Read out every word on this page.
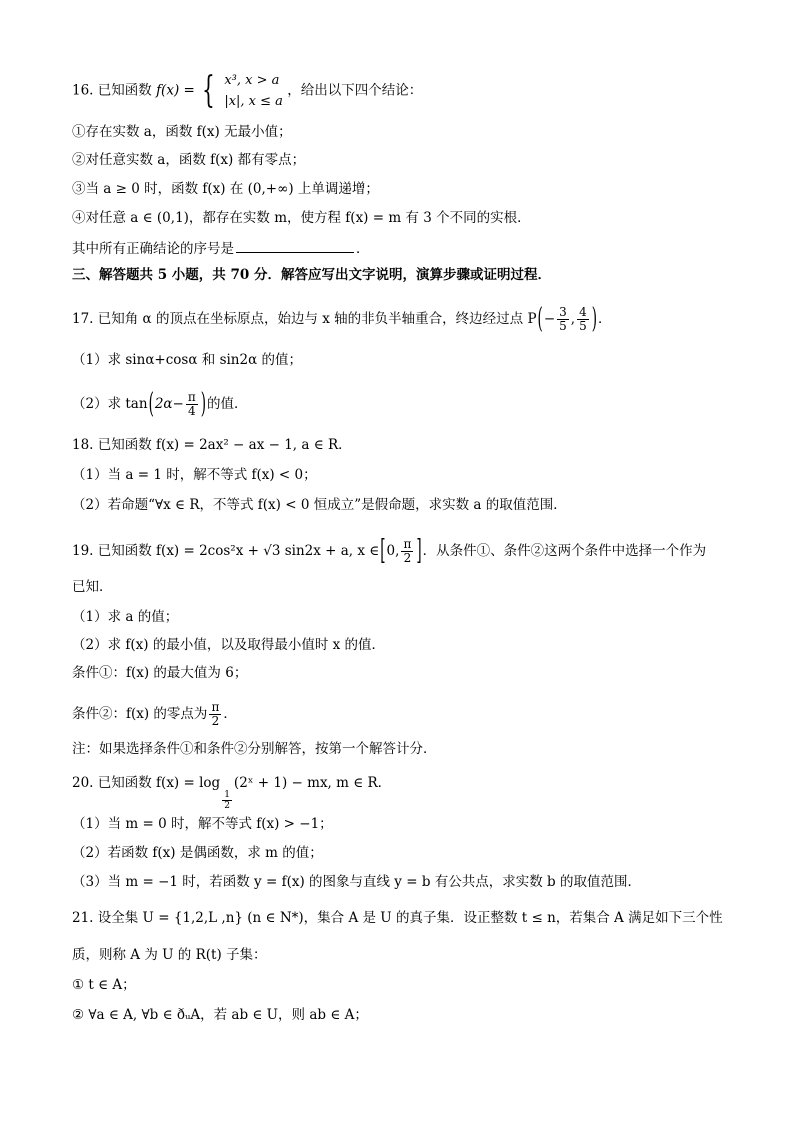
16. 已知函数 f(x) = { x³, x > a
|x|, x ≤ a
，给出以下四个结论：
①存在实数 a，函数 f(x) 无最小值；
②对任意实数 a，函数 f(x) 都有零点；
③当 a ≥ 0 时，函数 f(x) 在 (0,+∞) 上单调递增；
④对任意 a ∈ (0,1)，都存在实数 m，使方程 f(x) = m 有 3 个不同的实根．
其中所有正确结论的序号是	．
三、解答题共 5 小题，共 70 分．解答应写出文字说明，演算步骤或证明过程．
17. 已知角 α 的顶点在坐标原点，始边与 x 轴的非负半轴重合，终边经过点 $P(- \frac{3}{5}$ , $\frac{4}{5}$ )．
（1）求 sinα+cosα 和 sin2α 的值；
（2）求 $\tan(2\alpha- \frac{\pi}{4}$ )的值．
18. 已知函数 f(x) = 2ax² − ax − 1, a ∈ R．
（1）当 a = 1 时，解不等式 f(x) < 0；
（2）若命题“∀x ∈ R，不等式 f(x) < 0 恒成立”是假命题，求实数 a 的取值范围．
19. 已知函数 f(x) = 2cos²x + √3 sin2x + a, x ∈[0, $\frac{\pi}{2}$ ]．从条件①、条件②这两个条件中选择一个作为
已知．
（1）求 a 的值；
（2）求 f(x) 的最小值，以及取得最小值时 x 的值．
条件①：f(x) 的最大值为 6；
条件②：f(x) 的零点为 $\frac{\pi}{2}$ ．
注：如果选择条件①和条件②分别解答，按第一个解答计分．
20. 已知函数 f(x) = log
$\frac{1}{2}$
(2ˣ + 1) − mx, m ∈ R．
（1）当 m = 0 时，解不等式 f(x) > −1；
（2）若函数 f(x) 是偶函数，求 m 的值；
（3）当 m = −1 时，若函数 y = f(x) 的图象与直线 y = b 有公共点，求实数 b 的取值范围．
21. 设全集 U = {1,2,L ,n} (n ∈ N*)，集合 A 是 U 的真子集．设正整数 t ≤ n，若集合 A 满足如下三个性
质，则称 A 为 U 的 R(t) 子集：
① t ∈ A；
② ∀a ∈ A, ∀b ∈ ðᵤA，若 ab ∈ U，则 ab ∈ A；
